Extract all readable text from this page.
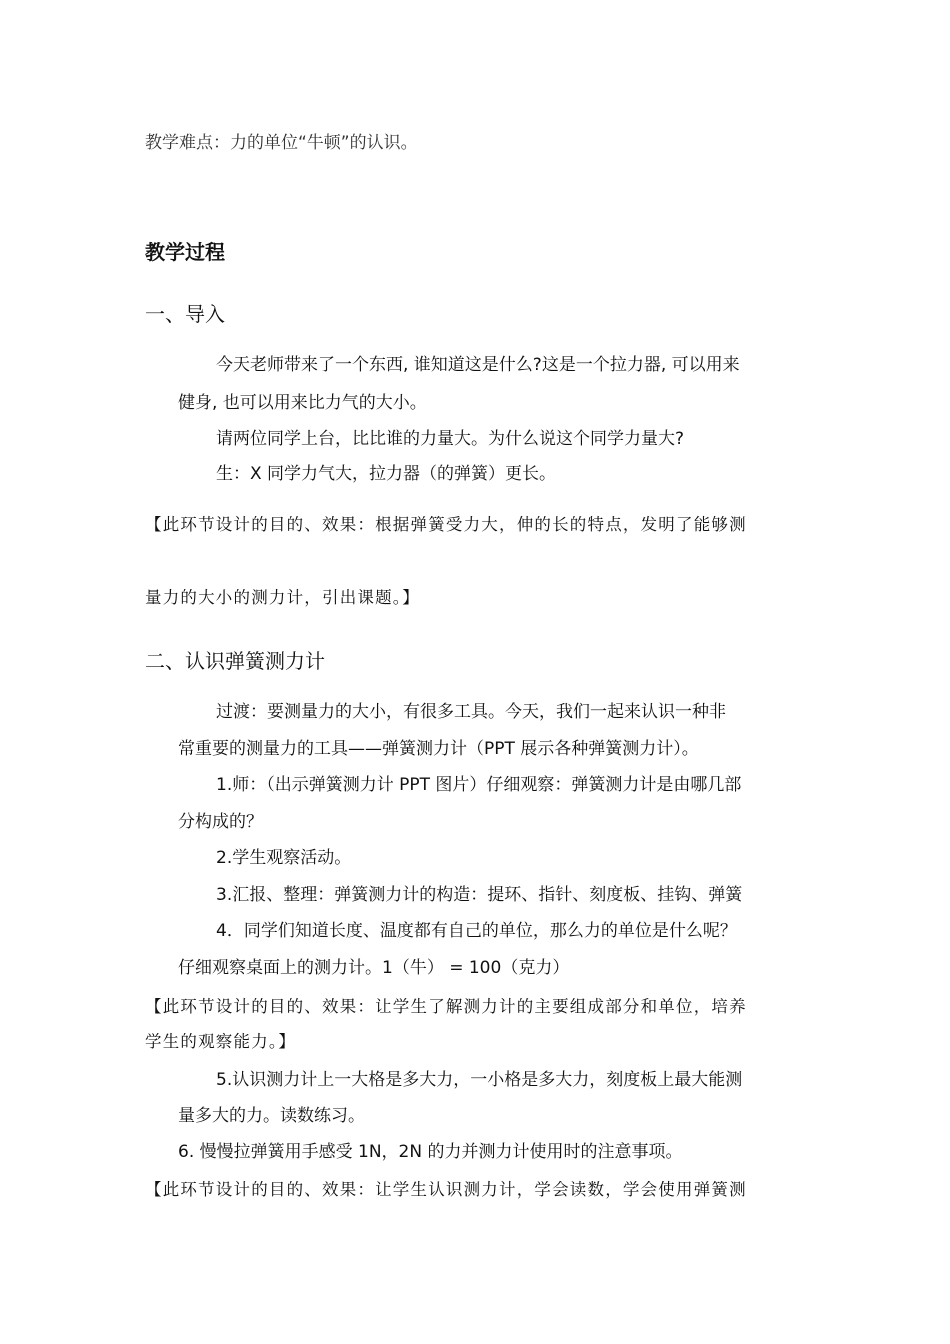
教学难点：力的单位“牛顿”的认识。

教学过程

一、导入

今天老师带来了一个东西, 谁知道这是什么?这是一个拉力器, 可以用来

健身, 也可以用来比力气的大小。

请两位同学上台，比比谁的力量大。为什么说这个同学力量大?

生：X 同学力气大，拉力器（的弹簧）更长。

【此环节设计的目的、效果：根据弹簧受力大，伸的长的特点，发明了能够测

量力的大小的测力计，引出课题。】

二、认识弹簧测力计

过渡：要测量力的大小，有很多工具。今天，我们一起来认识一种非

常重要的测量力的工具——弹簧测力计（PPT 展示各种弹簧测力计）。

1.师：（出示弹簧测力计 PPT 图片）仔细观察：弹簧测力计是由哪几部

分构成的？

2.学生观察活动。

3.汇报、整理：弹簧测力计的构造：提环、指针、刻度板、挂钩、弹簧

4．同学们知道长度、温度都有自己的单位，那么力的单位是什么呢？

仔细观察桌面上的测力计。1（牛） = 100（克力）

【此环节设计的目的、效果：让学生了解测力计的主要组成部分和单位，培养

学生的观察能力。】

5.认识测力计上一大格是多大力，一小格是多大力，刻度板上最大能测

量多大的力。读数练习。

6. 慢慢拉弹簧用手感受 1N，2N 的力并测力计使用时的注意事项。

【此环节设计的目的、效果：让学生认识测力计，学会读数，学会使用弹簧测
